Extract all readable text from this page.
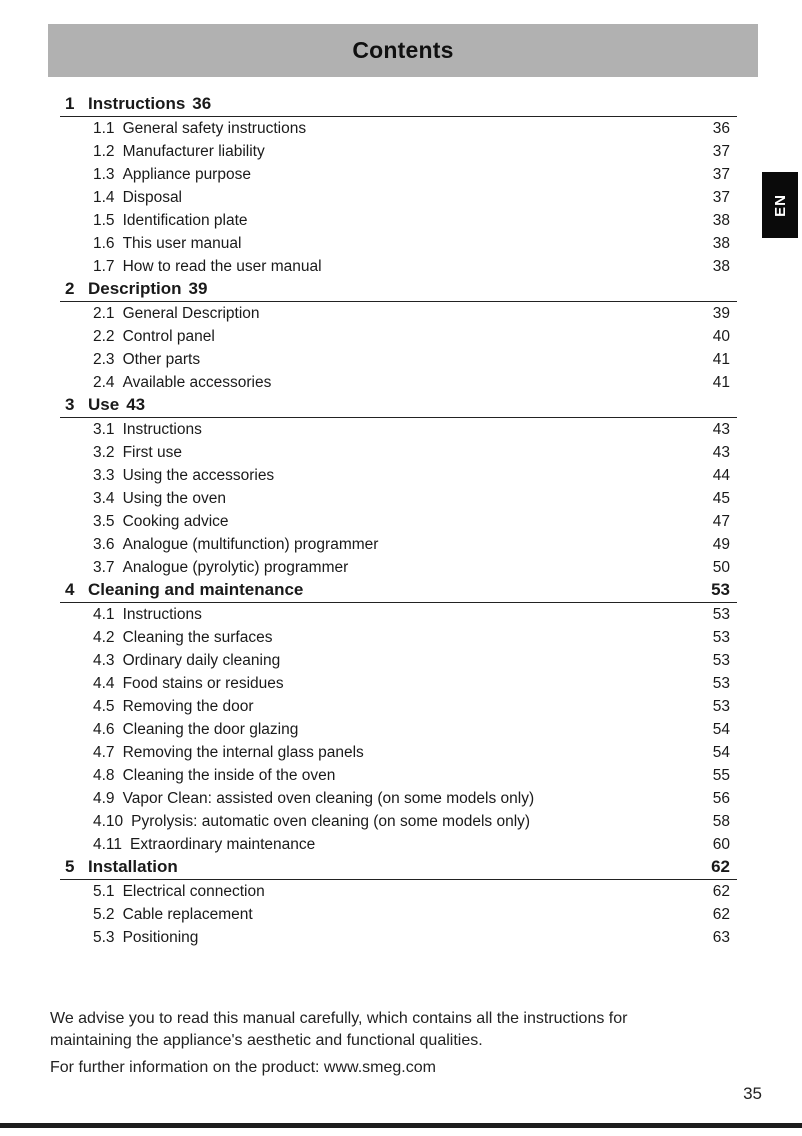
Contents
EN
1 Instructions 36
1.1 General safety instructions	36
1.2 Manufacturer liability	37
1.3 Appliance purpose	37
1.4 Disposal	37
1.5 Identification plate	38
1.6 This user manual	38
1.7 How to read the user manual	38
2 Description 39
2.1 General Description	39
2.2 Control panel	40
2.3 Other parts	41
2.4 Available accessories	41
3 Use 43
3.1 Instructions	43
3.2 First use	43
3.3 Using the accessories	44
3.4 Using the oven	45
3.5 Cooking advice	47
3.6 Analogue (multifunction) programmer	49
3.7 Analogue (pyrolytic) programmer	50
4 Cleaning and maintenance	53
4.1 Instructions	53
4.2 Cleaning the surfaces	53
4.3 Ordinary daily cleaning	53
4.4 Food stains or residues	53
4.5 Removing the door	53
4.6 Cleaning the door glazing	54
4.7 Removing the internal glass panels	54
4.8 Cleaning the inside of the oven	55
4.9 Vapor Clean: assisted oven cleaning (on some models only)	56
4.10 Pyrolysis: automatic oven cleaning (on some models only)	58
4.11 Extraordinary maintenance	60
5 Installation	62
5.1 Electrical connection	62
5.2 Cable replacement	62
5.3 Positioning	63

We advise you to read this manual carefully, which contains all the instructions for maintaining the appliance's aesthetic and functional qualities.

For further information on the product: www.smeg.com

35
